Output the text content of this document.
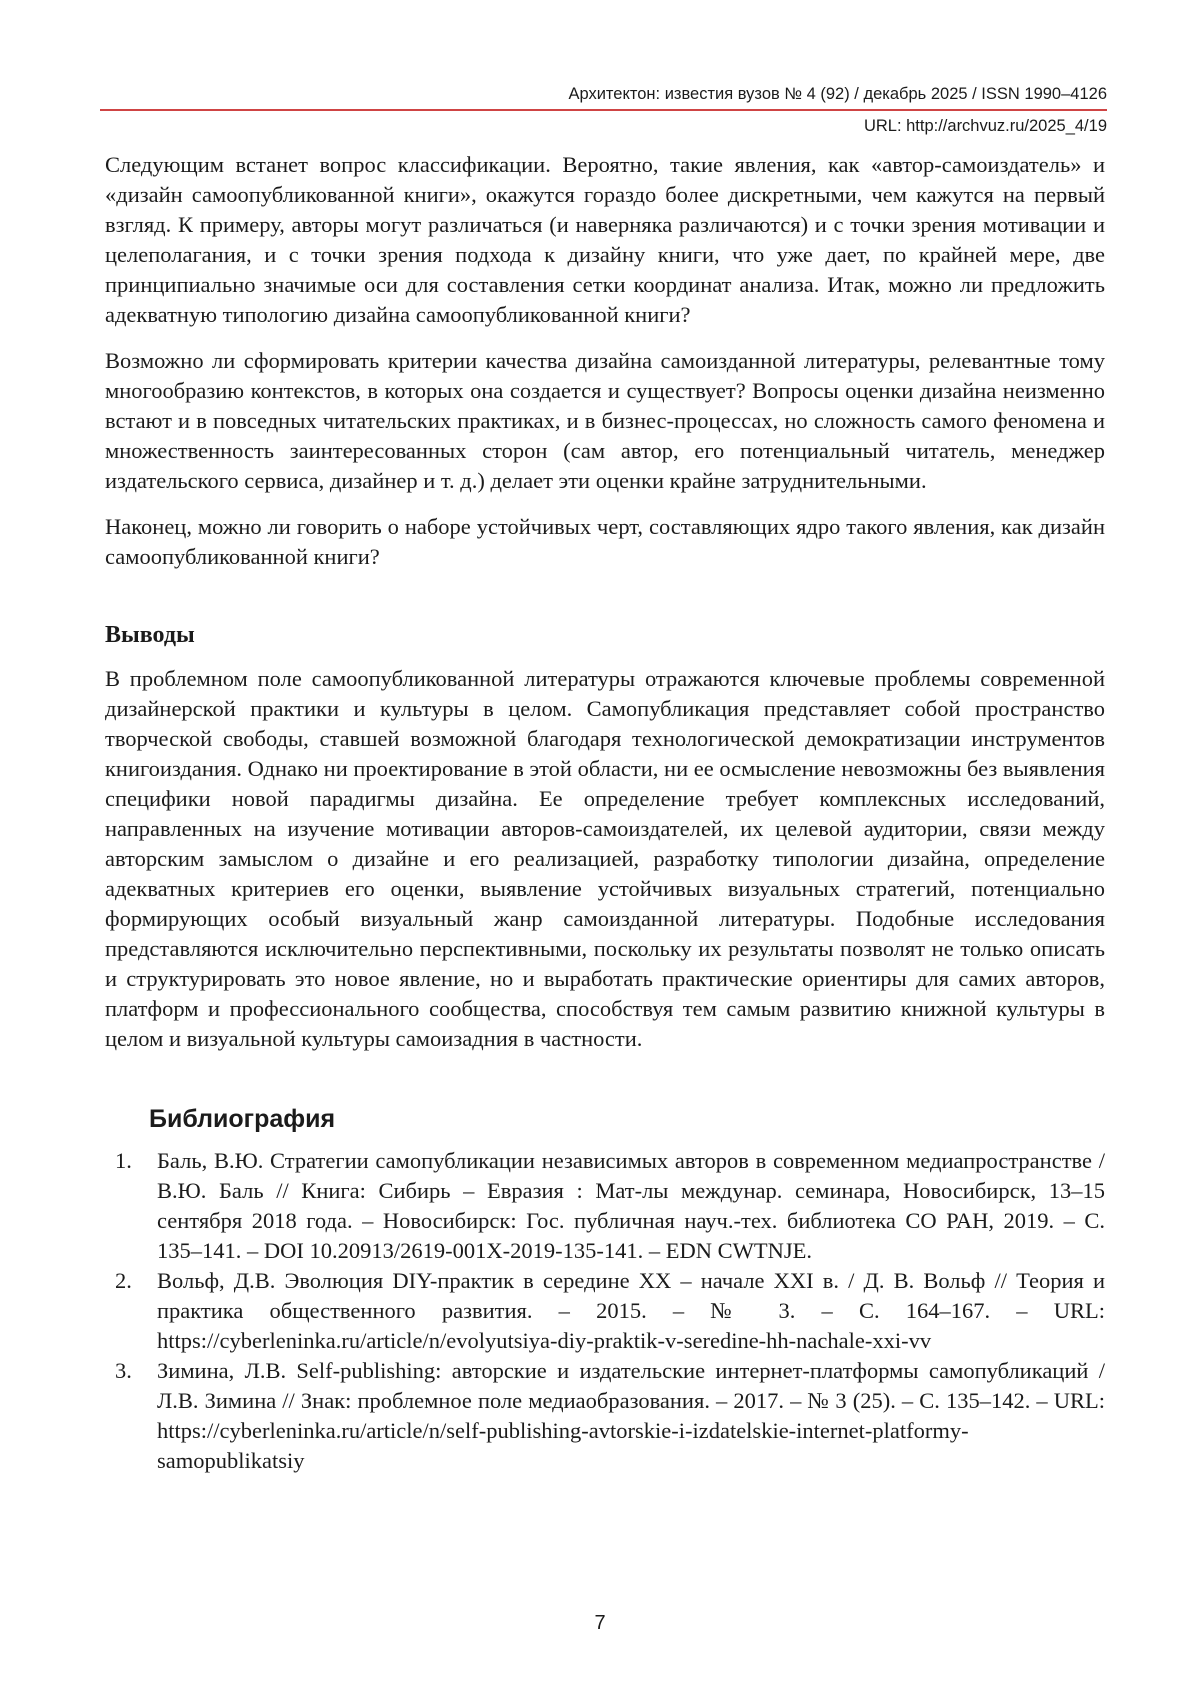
Архитектон: известия вузов № 4 (92) / декабрь 2025 / ISSN 1990–4126
URL: http://archvuz.ru/2025_4/19

Следующим встанет вопрос классификации. Вероятно, такие явления, как «автор-самоиздатель» и «дизайн самоопубликованной книги», окажутся гораздо более дискретными, чем кажутся на первый взгляд. К примеру, авторы могут различаться (и наверняка различаются) и с точки зрения мотивации и целеполагания, и с точки зрения подхода к дизайну книги, что уже дает, по крайней мере, две принципиально значимые оси для составления сетки координат анализа. Итак, можно ли предложить адекватную типологию дизайна самоопубликованной книги?

Возможно ли сформировать критерии качества дизайна самоизданной литературы, релевантные тому многообразию контекстов, в которых она создается и существует? Вопросы оценки дизайна неизменно встают и в повседных читательских практиках, и в бизнес-процессах, но сложность самого феномена и множественность заинтересованных сторон (сам автор, его потенциальный читатель, менеджер издательского сервиса, дизайнер и т. д.) делает эти оценки крайне затруднительными.

Наконец, можно ли говорить о наборе устойчивых черт, составляющих ядро такого явления, как дизайн самоопубликованной книги?

Выводы

В проблемном поле самоопубликованной литературы отражаются ключевые проблемы современной дизайнерской практики и культуры в целом. Самопубликация представляет собой пространство творческой свободы, ставшей возможной благодаря технологической демократизации инструментов книгоиздания. Однако ни проектирование в этой области, ни ее осмысление невозможны без выявления специфики новой парадигмы дизайна. Ее определение требует комплексных исследований, направленных на изучение мотивации авторов-самоиздателей, их целевой аудитории, связи между авторским замыслом о дизайне и его реализацией, разработку типологии дизайна, определение адекватных критериев его оценки, выявление устойчивых визуальных стратегий, потенциально формирующих особый визуальный жанр самоизданной литературы. Подобные исследования представляются исключительно перспективными, поскольку их результаты позволят не только описать и структурировать это новое явление, но и выработать практические ориентиры для самих авторов, платформ и профессионального сообщества, способствуя тем самым развитию книжной культуры в целом и визуальной культуры самоизадния в частности.

Библиография
1.	Баль, В.Ю. Стратегии самопубликации независимых авторов в современном медиапространстве / В.Ю. Баль // Книга: Сибирь – Евразия : Мат-лы междунар. семинара, Новосибирск, 13–15 сентября 2018 года. – Новосибирск: Гос. публичная науч.-тех. библиотека СО РАН, 2019. – С. 135–141. – DOI 10.20913/2619-001X-2019-135-141. – EDN CWTNJE.
2.	Вольф, Д.В. Эволюция DIY-практик в середине XX – начале XXI в. / Д. В. Вольф // Теория и практика общественного развития. – 2015. – № 3. – С. 164–167. – URL: https://cyberleninka.ru/article/n/evolyutsiya-diy-praktik-v-seredine-hh-nachale-xxi-vv
3.	Зимина, Л.В. Self-publishing: авторские и издательские интернет-платформы самопубликаций / Л.В. Зимина // Знак: проблемное поле медиаобразования. – 2017. – № 3 (25). – С. 135–142. – URL: https://cyberleninka.ru/article/n/self-publishing-avtorskie-i-izdatelskie-internet-platformy-samopublikatsiy
7
